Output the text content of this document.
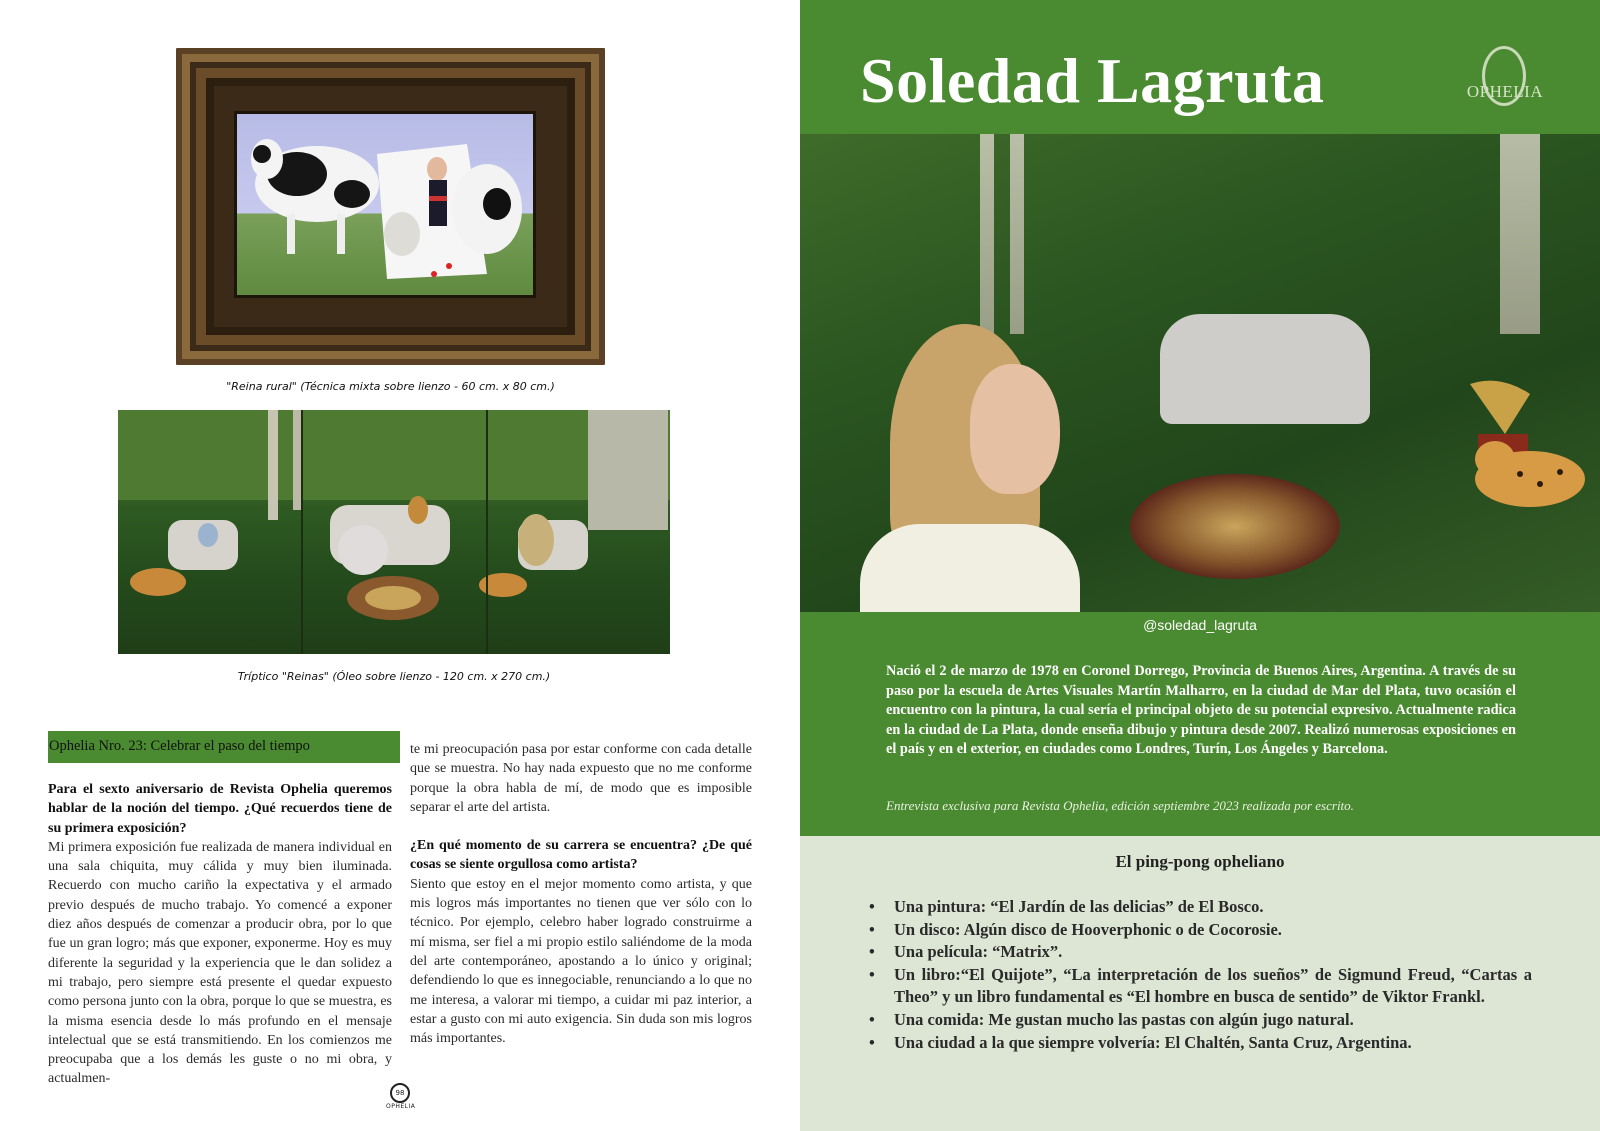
"Reina rural" (Técnica mixta sobre lienzo - 60 cm. x 80 cm.)
Tríptico "Reinas" (Óleo sobre lienzo - 120 cm. x 270 cm.)
Ophelia Nro. 23: Celebrar el paso del tiempo
Para el sexto aniversario de Revista Ophelia queremos hablar de la noción del tiempo. ¿Qué recuerdos tiene de su primera exposición?

Mi primera exposición fue realizada de manera individual en una sala chiquita, muy cálida y muy bien iluminada. Recuerdo con mucho cariño la expectativa y el armado previo después de mucho trabajo. Yo comencé a exponer diez años después de comenzar a producir obra, por lo que fue un gran logro; más que exponer, exponerme. Hoy es muy diferente la seguridad y la experiencia que le dan solidez a mi trabajo, pero siempre está presente el quedar expuesto como persona junto con la obra, porque lo que se muestra, es la misma esencia desde lo más profundo en el mensaje intelectual que se está transmitiendo. En los comienzos me preocupaba que a los demás les guste o no mi obra, y actualmen-

te mi preocupación pasa por estar conforme con cada detalle que se muestra. No hay nada expuesto que no me conforme porque la obra habla de mí, de modo que es imposible separar el arte del artista.

¿En qué momento de su carrera se encuentra? ¿De qué cosas se siente orgullosa como artista?

Siento que estoy en el mejor momento como artista, y que mis logros más importantes no tienen que ver sólo con lo técnico. Por ejemplo, celebro haber logrado construirme a mí misma, ser fiel a mi propio estilo saliéndome de la moda del arte contemporáneo, apostando a lo único y original; defendiendo lo que es innegociable, renunciando a lo que no me interesa, a valorar mi tiempo, a cuidar mi paz interior, a estar a gusto con mi auto exigencia. Sin duda son mis logros más importantes.

98
OPHELIA
Soledad Lagruta	OPHELIA
@soledad_lagruta
Nació el 2 de marzo de 1978 en Coronel Dorrego, Provincia de Buenos Aires, Argentina. A través de su paso por la escuela de Artes Visuales Martín Malharro, en la ciudad de Mar del Plata, tuvo ocasión el encuentro con la pintura, la cual sería el principal objeto de su potencial expresivo. Actualmente radica en la ciudad de La Plata, donde enseña dibujo y pintura desde 2007. Realizó numerosas exposiciones en el país y en el exterior, en ciudades como Londres, Turín, Los Ángeles y Barcelona.
Entrevista exclusiva para Revista Ophelia, edición septiembre 2023 realizada por escrito.
El ping-pong opheliano
• Una pintura: “El Jardín de las delicias” de El Bosco.
• Un disco: Algún disco de Hooverphonic o de Cocorosie.
• Una película: “Matrix”.
• Un libro:“El Quijote”, “La interpretación de los sueños” de Sigmund Freud, “Cartas a Theo” y un libro fundamental es “El hombre en busca de sentido” de Viktor Frankl.
• Una comida: Me gustan mucho las pastas con algún jugo natural.
• Una ciudad a la que siempre volvería: El Chaltén, Santa Cruz, Argentina.
